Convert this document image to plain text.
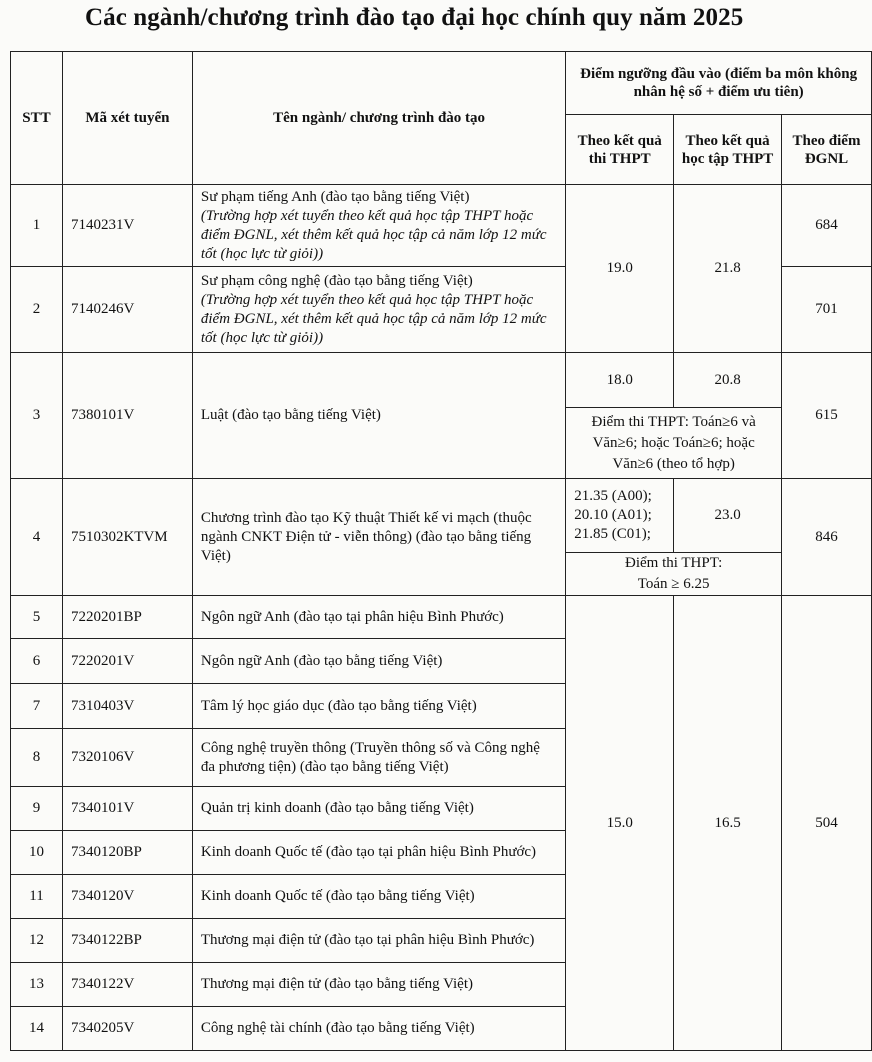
Các ngành/chương trình đào tạo đại học chính quy năm 2025
STT	Mã xét tuyển	Tên ngành/ chương trình đào tạo	Điểm ngưỡng đầu vào (điểm ba môn không nhân hệ số + điểm ưu tiên)		
			Theo kết quả thi THPT	Theo kết quả học tập THPT	Theo điểm ĐGNL
1	7140231V	Sư phạm tiếng Anh (đào tạo bằng tiếng Việt)
(Trường hợp xét tuyển theo kết quả học tập THPT hoặc điểm ĐGNL, xét thêm kết quả học tập cả năm lớp 12 mức tốt (học lực từ giỏi))	19.0	21.8	684
2	7140246V	Sư phạm công nghệ (đào tạo bằng tiếng Việt)
(Trường hợp xét tuyển theo kết quả học tập THPT hoặc điểm ĐGNL, xét thêm kết quả học tập cả năm lớp 12 mức tốt (học lực từ giỏi))			701
3	7380101V	Luật (đào tạo bằng tiếng Việt)	18.0	20.8	615
			Điểm thi THPT: Toán≥6 và Văn≥6; hoặc Toán≥6; hoặc Văn≥6 (theo tổ hợp)		
4	7510302KTVM	Chương trình đào tạo Kỹ thuật Thiết kế vi mạch (thuộc ngành CNKT Điện tử - viễn thông) (đào tạo bằng tiếng Việt)	21.35 (A00);
20.10 (A01);
21.85 (C01);	23.0	846

			Điểm thi THPT:
Toán ≥ 6.25		

5	7220201BP	Ngôn ngữ Anh (đào tạo tại phân hiệu Bình Phước)	15.0	16.5	504
6	7220201V	Ngôn ngữ Anh (đào tạo bằng tiếng Việt)			
7	7310403V	Tâm lý học giáo dục (đào tạo bằng tiếng Việt)			
8	7320106V	Công nghệ truyền thông (Truyền thông số và Công nghệ đa phương tiện) (đào tạo bằng tiếng Việt)			
9	7340101V	Quản trị kinh doanh (đào tạo bằng tiếng Việt)			
10	7340120BP	Kinh doanh Quốc tế (đào tạo tại phân hiệu Bình Phước)			
11	7340120V	Kinh doanh Quốc tế (đào tạo bằng tiếng Việt)			
12	7340122BP	Thương mại điện tử (đào tạo tại phân hiệu Bình Phước)			
13	7340122V	Thương mại điện tử (đào tạo bằng tiếng Việt)			
14	7340205V	Công nghệ tài chính (đào tạo bằng tiếng Việt)			
